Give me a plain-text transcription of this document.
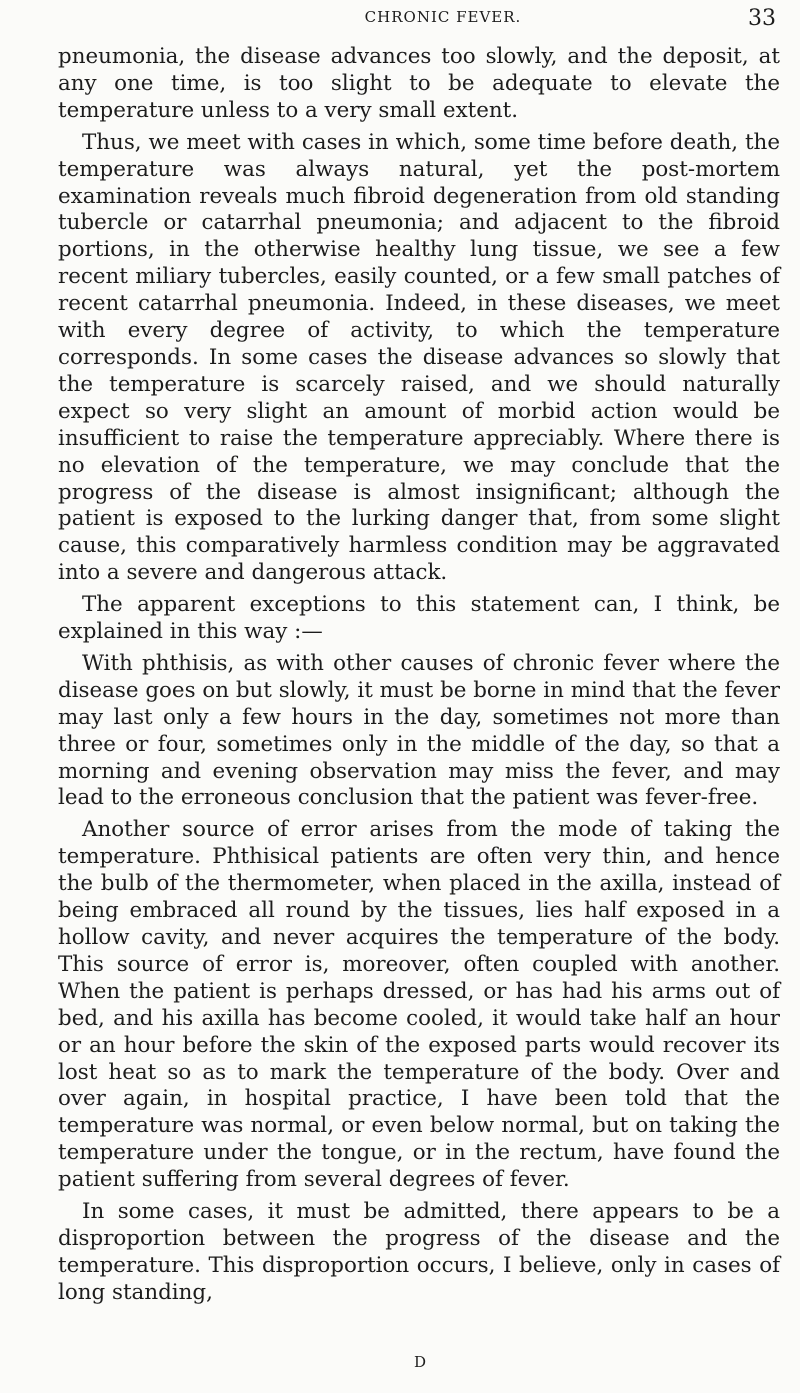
CHRONIC FEVER.	33

pneumonia, the disease advances too slowly, and the deposit, at any one time, is too slight to be adequate to elevate the temperature unless to a very small extent.

Thus, we meet with cases in which, some time before death, the temperature was always natural, yet the post-mortem examination reveals much fibroid degeneration from old standing tubercle or catarrhal pneumonia; and adjacent to the fibroid portions, in the otherwise healthy lung tissue, we see a few recent miliary tubercles, easily counted, or a few small patches of recent catarrhal pneumonia. Indeed, in these diseases, we meet with every degree of activity, to which the temperature corresponds. In some cases the disease advances so slowly that the temperature is scarcely raised, and we should naturally expect so very slight an amount of morbid action would be insufficient to raise the temperature appreciably. Where there is no elevation of the temperature, we may conclude that the progress of the disease is almost insignificant; although the patient is exposed to the lurking danger that, from some slight cause, this comparatively harmless condition may be aggravated into a severe and dangerous attack.

The apparent exceptions to this statement can, I think, be explained in this way :—

With phthisis, as with other causes of chronic fever where the disease goes on but slowly, it must be borne in mind that the fever may last only a few hours in the day, sometimes not more than three or four, sometimes only in the middle of the day, so that a morning and evening observation may miss the fever, and may lead to the erroneous conclusion that the patient was fever-free.

Another source of error arises from the mode of taking the temperature. Phthisical patients are often very thin, and hence the bulb of the thermometer, when placed in the axilla, instead of being embraced all round by the tissues, lies half exposed in a hollow cavity, and never acquires the temperature of the body. This source of error is, moreover, often coupled with another. When the patient is perhaps dressed, or has had his arms out of bed, and his axilla has become cooled, it would take half an hour or an hour before the skin of the exposed parts would recover its lost heat so as to mark the temperature of the body. Over and over again, in hospital practice, I have been told that the temperature was normal, or even below normal, but on taking the temperature under the tongue, or in the rectum, have found the patient suffering from several degrees of fever.

In some cases, it must be admitted, there appears to be a disproportion between the progress of the disease and the temperature. This disproportion occurs, I believe, only in cases of long standing,

D
